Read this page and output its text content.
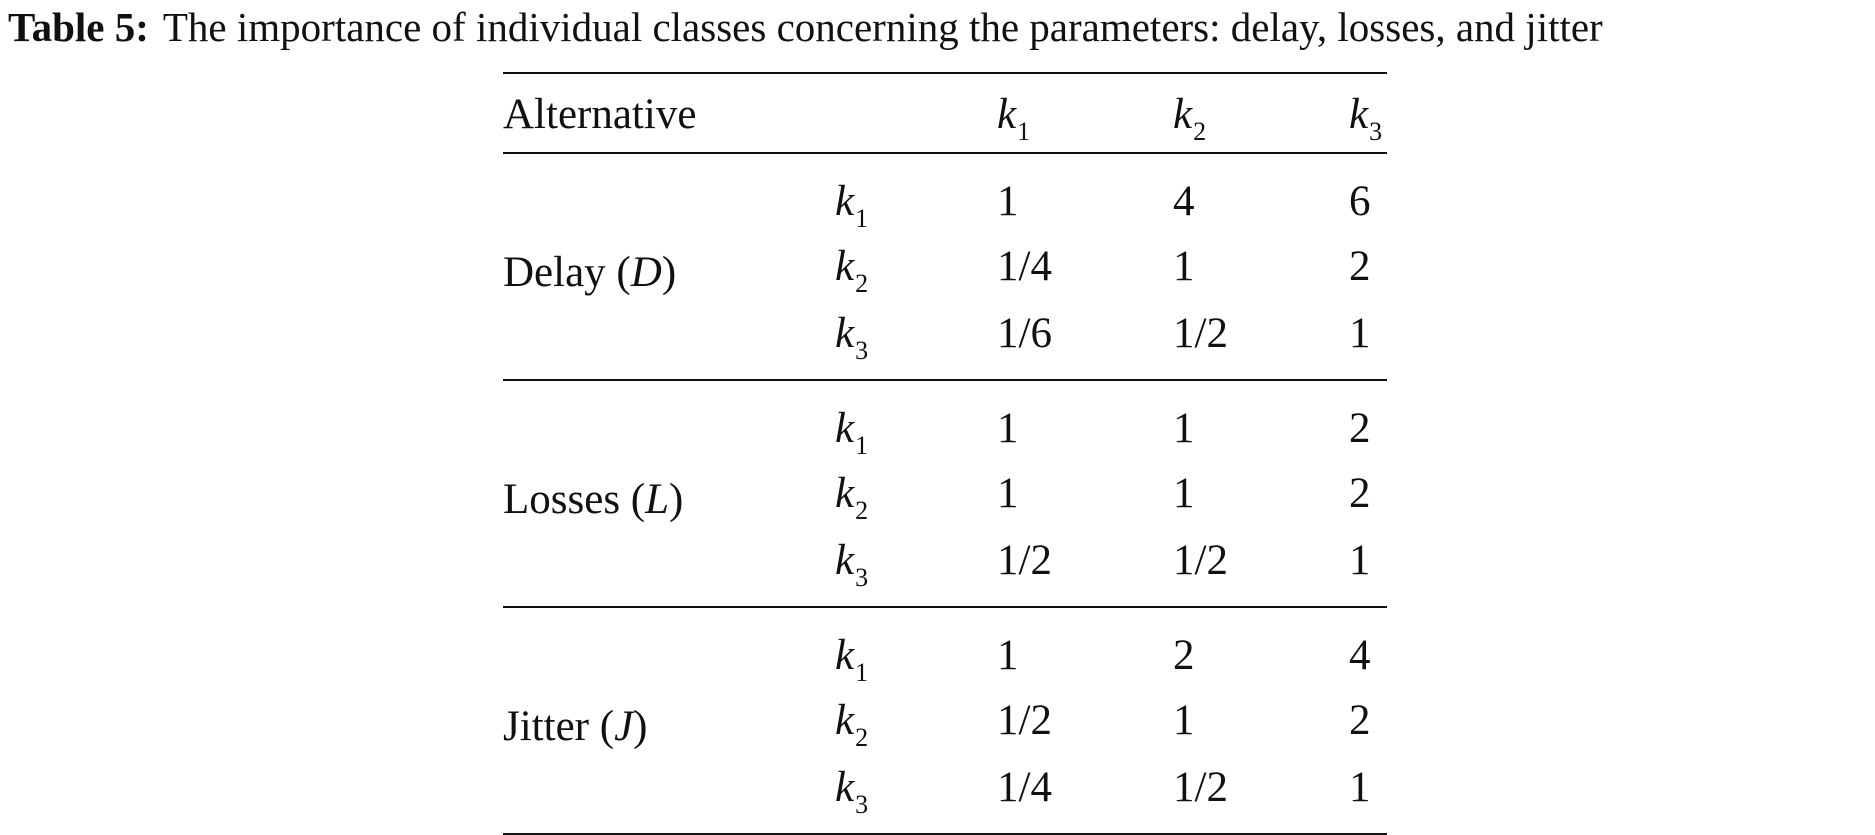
Table 5: The importance of individual classes concerning the parameters: delay, losses, and jitter
Alternative		$k_1$	$k_2$	$k_3$
Delay (D)	$k_1$	1	4	6
	$k_2$	1/4	1	2
	$k_3$	1/6	1/2	1
Losses (L)	$k_1$	1	1	2
	$k_2$	1	1	2
	$k_3$	1/2	1/2	1
Jitter (J)	$k_1$	1	2	4
	$k_2$	1/2	1	2
	$k_3$	1/4	1/2	1
